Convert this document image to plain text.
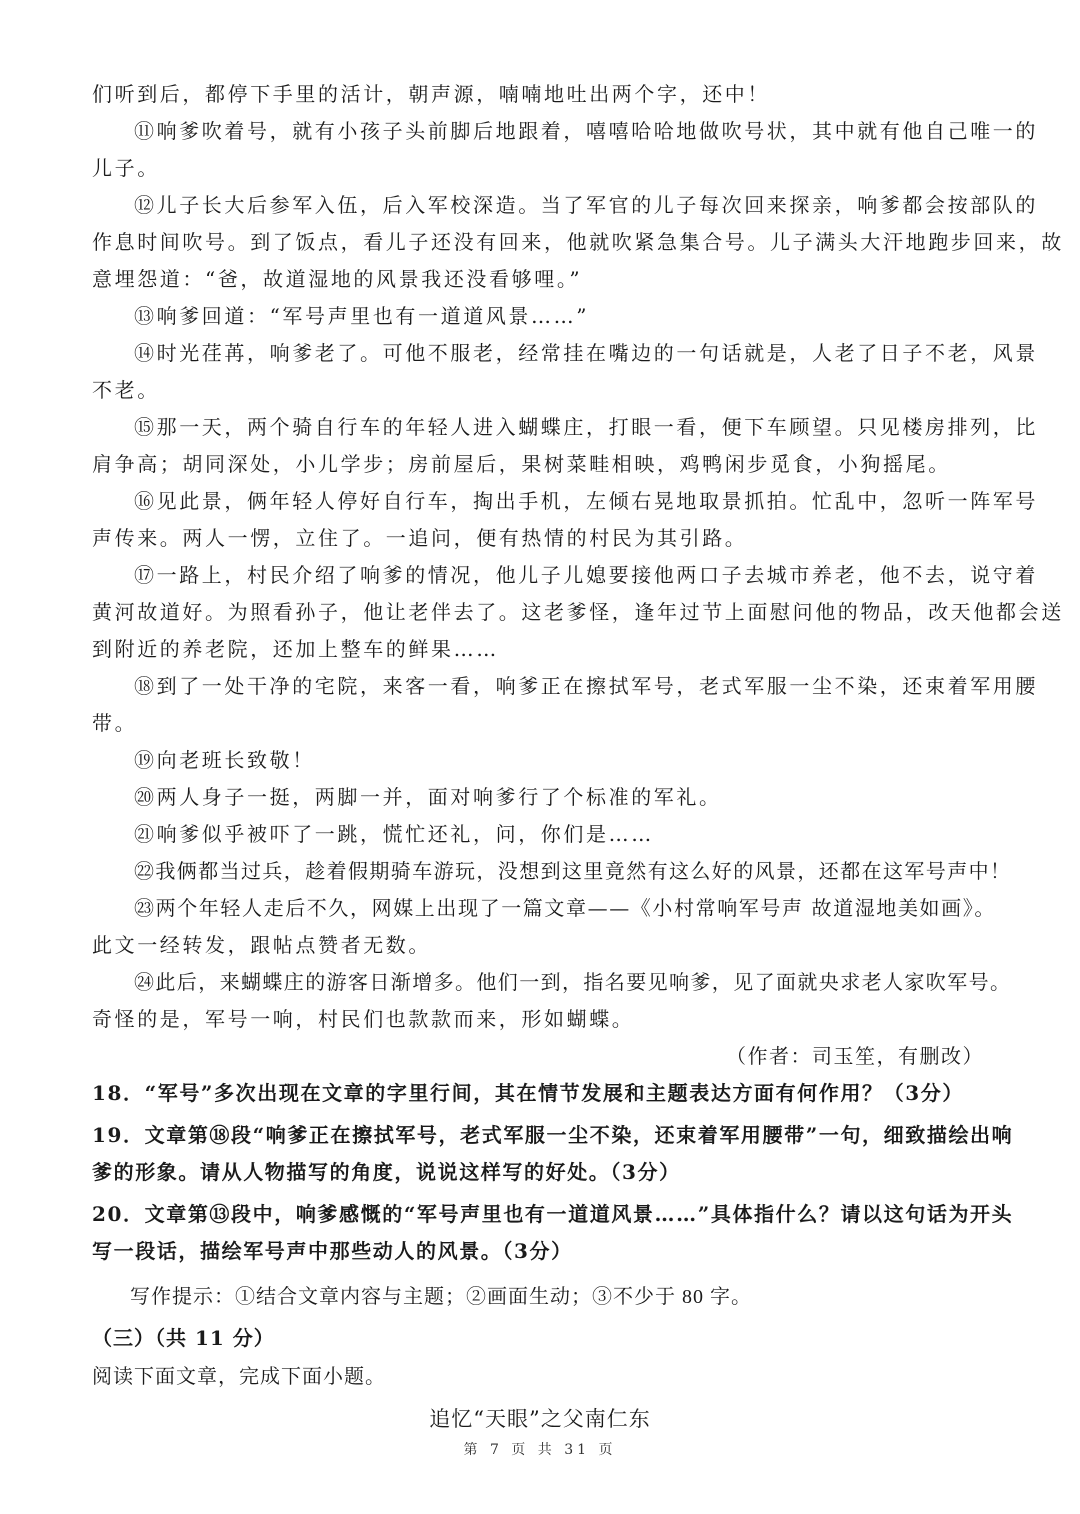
们听到后，都停下手里的活计，朝声源，喃喃地吐出两个字，还中！
⑪响爹吹着号，就有小孩子头前脚后地跟着，嘻嘻哈哈地做吹号状，其中就有他自己唯一的
儿子。
⑫儿子长大后参军入伍，后入军校深造。当了军官的儿子每次回来探亲，响爹都会按部队的
作息时间吹号。到了饭点，看儿子还没有回来，他就吹紧急集合号。儿子满头大汗地跑步回来，故
意埋怨道：“爸，故道湿地的风景我还没看够哩。”
⑬响爹回道：“军号声里也有一道道风景……”
⑭时光荏苒，响爹老了。可他不服老，经常挂在嘴边的一句话就是，人老了日子不老，风景
不老。
⑮那一天，两个骑自行车的年轻人进入蝴蝶庄，打眼一看，便下车顾望。只见楼房排列，比
肩争高；胡同深处，小儿学步；房前屋后，果树菜畦相映，鸡鸭闲步觅食，小狗摇尾。
⑯见此景，俩年轻人停好自行车，掏出手机，左倾右晃地取景抓拍。忙乱中，忽听一阵军号
声传来。两人一愣，立住了。一追问，便有热情的村民为其引路。
⑰一路上，村民介绍了响爹的情况，他儿子儿媳要接他两口子去城市养老，他不去，说守着
黄河故道好。为照看孙子，他让老伴去了。这老爹怪，逢年过节上面慰问他的物品，改天他都会送
到附近的养老院，还加上整车的鲜果……
⑱到了一处干净的宅院，来客一看，响爹正在擦拭军号，老式军服一尘不染，还束着军用腰
带。
⑲向老班长致敬！
⑳两人身子一挺，两脚一并，面对响爹行了个标准的军礼。
㉑响爹似乎被吓了一跳，慌忙还礼，问，你们是……
㉒我俩都当过兵，趁着假期骑车游玩，没想到这里竟然有这么好的风景，还都在这军号声中！
㉓两个年轻人走后不久，网媒上出现了一篇文章——《小村常响军号声 故道湿地美如画》。
此文一经转发，跟帖点赞者无数。
㉔此后，来蝴蝶庄的游客日渐增多。他们一到，指名要见响爹，见了面就央求老人家吹军号。
奇怪的是，军号一响，村民们也款款而来，形如蝴蝶。
（作者：司玉笙，有删改）
18．“军号”多次出现在文章的字里行间，其在情节发展和主题表达方面有何作用？（3分）
19．文章第⑱段“响爹正在擦拭军号，老式军服一尘不染，还束着军用腰带”一句，细致描绘出响
爹的形象。请从人物描写的角度，说说这样写的好处。（3分）
20．文章第⑬段中，响爹感慨的“军号声里也有一道道风景……”具体指什么？请以这句话为开头
写一段话，描绘军号声中那些动人的风景。（3分）
写作提示：①结合文章内容与主题；②画面生动；③不少于 80 字。
（三）（共 11 分）
阅读下面文章，完成下面小题。
追忆“天眼”之父南仁东
第 7 页 共 31 页
